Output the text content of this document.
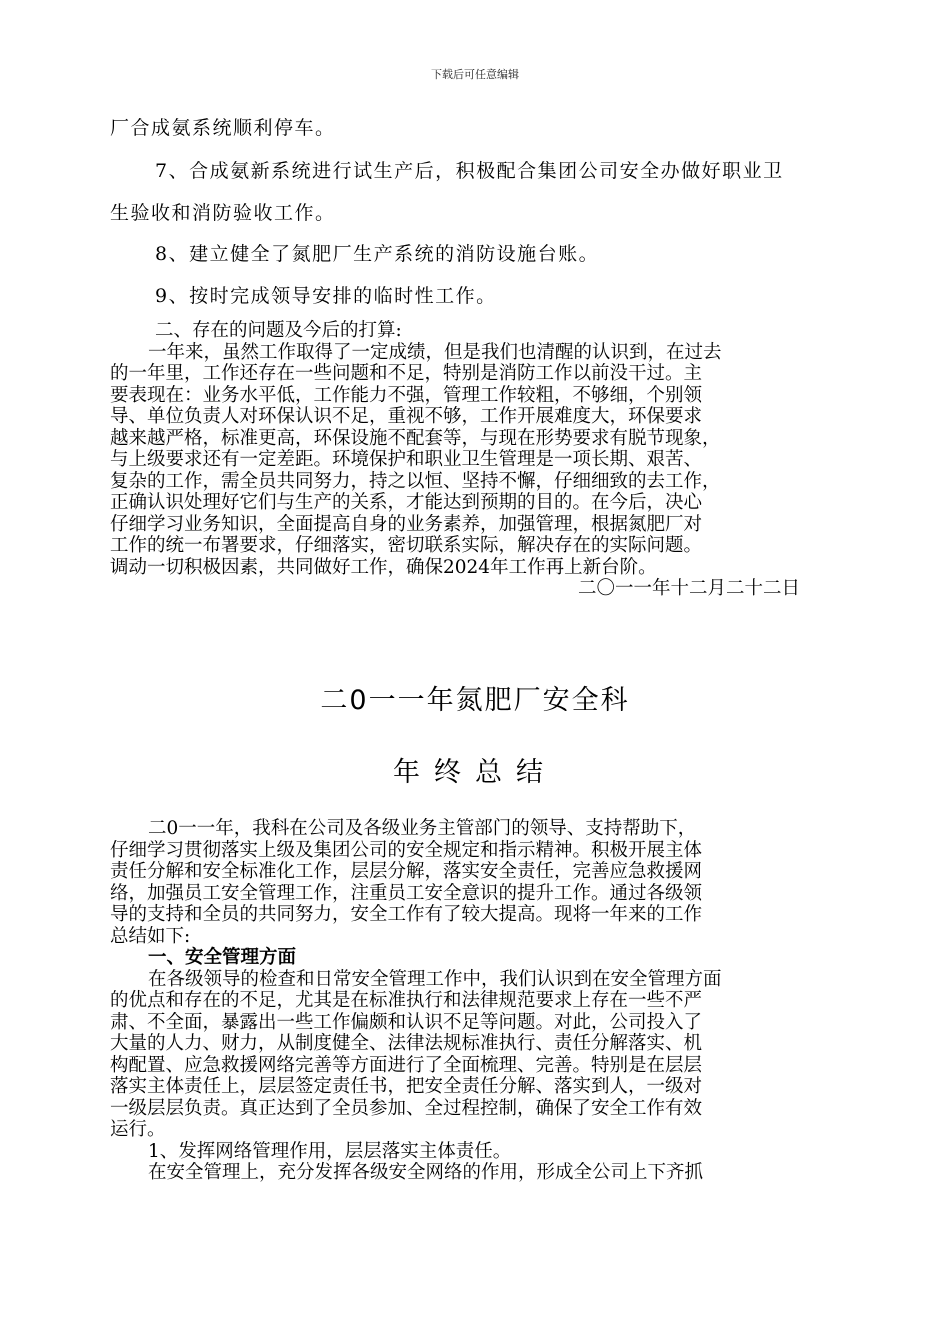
下载后可任意编辑
厂合成氨系统顺利停车。
7、合成氨新系统进行试生产后，积极配合集团公司安全办做好职业卫
生验收和消防验收工作。
8、建立健全了氮肥厂生产系统的消防设施台账。
9、按时完成领导安排的临时性工作。

二、存在的问题及今后的打算:

一年来，虽然工作取得了一定成绩，但是我们也清醒的认识到，在过去

的一年里，工作还存在一些问题和不足，特别是消防工作以前没干过。主

要表现在：业务水平低，工作能力不强，管理工作较粗，不够细，个别领

导、单位负责人对环保认识不足，重视不够，工作开展难度大，环保要求

越来越严格，标准更高，环保设施不配套等，与现在形势要求有脱节现象，

与上级要求还有一定差距。环境保护和职业卫生管理是一项长期、艰苦、

复杂的工作，需全员共同努力，持之以恒、坚持不懈，仔细细致的去工作，

正确认识处理好它们与生产的关系，才能达到预期的目的。在今后，决心

仔细学习业务知识，全面提高自身的业务素养，加强管理，根据氮肥厂对

工作的统一布署要求，仔细落实，密切联系实际，解决存在的实际问题。

调动一切积极因素，共同做好工作，确保2024年工作再上新台阶。

二〇一一年十二月二十二日

二0一一年氮肥厂安全科
年终总结

二0一一年，我科在公司及各级业务主管部门的领导、支持帮助下，

仔细学习贯彻落实上级及集团公司的安全规定和指示精神。积极开展主体

责任分解和安全标准化工作，层层分解，落实安全责任，完善应急救援网

络，加强员工安全管理工作，注重员工安全意识的提升工作。通过各级领

导的支持和全员的共同努力，安全工作有了较大提高。现将一年来的工作

总结如下:

一、安全管理方面

在各级领导的检查和日常安全管理工作中，我们认识到在安全管理方面

的优点和存在的不足，尤其是在标准执行和法律规范要求上存在一些不严

肃、不全面，暴露出一些工作偏颇和认识不足等问题。对此，公司投入了

大量的人力、财力，从制度健全、法律法规标准执行、责任分解落实、机

构配置、应急救援网络完善等方面进行了全面梳理、完善。特别是在层层

落实主体责任上，层层签定责任书，把安全责任分解、落实到人，一级对

一级层层负责。真正达到了全员参加、全过程控制，确保了安全工作有效

运行。

1、发挥网络管理作用，层层落实主体责任。

在安全管理上，充分发挥各级安全网络的作用，形成全公司上下齐抓
